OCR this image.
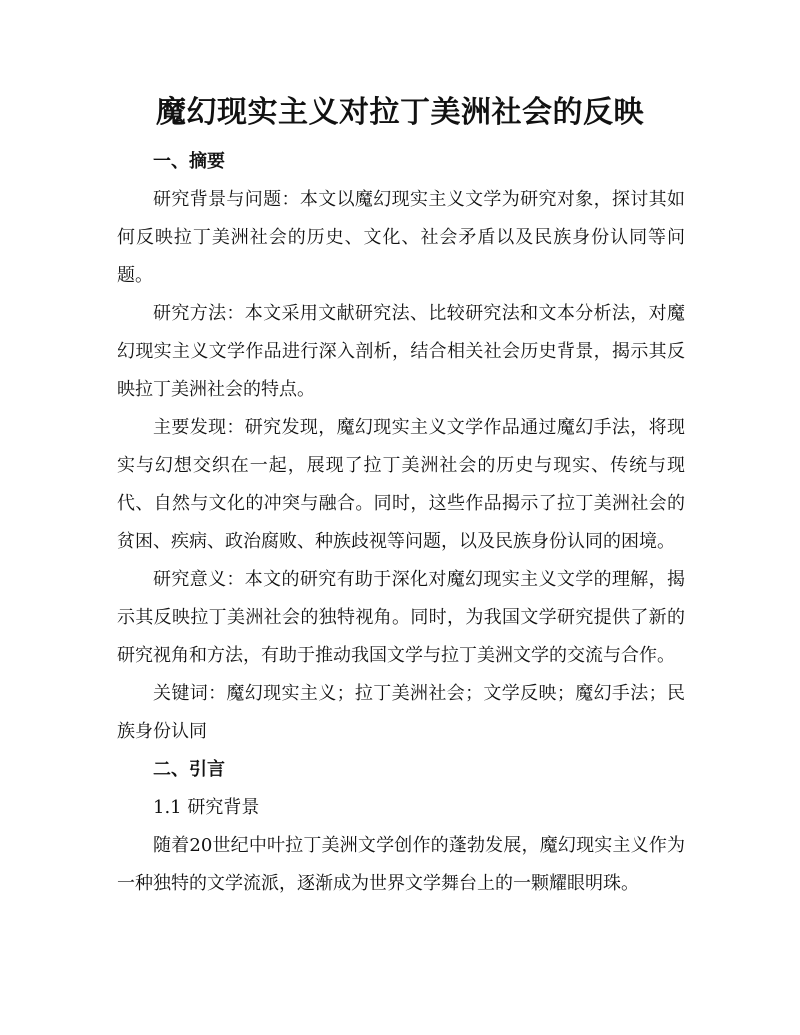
魔幻现实主义对拉丁美洲社会的反映

一、摘要

研究背景与问题：本文以魔幻现实主义文学为研究对象，探讨其如何反映拉丁美洲社会的历史、文化、社会矛盾以及民族身份认同等问题。

研究方法：本文采用文献研究法、比较研究法和文本分析法，对魔幻现实主义文学作品进行深入剖析，结合相关社会历史背景，揭示其反映拉丁美洲社会的特点。

主要发现：研究发现，魔幻现实主义文学作品通过魔幻手法，将现实与幻想交织在一起，展现了拉丁美洲社会的历史与现实、传统与现代、自然与文化的冲突与融合。同时，这些作品揭示了拉丁美洲社会的贫困、疾病、政治腐败、种族歧视等问题，以及民族身份认同的困境。

研究意义：本文的研究有助于深化对魔幻现实主义文学的理解，揭示其反映拉丁美洲社会的独特视角。同时，为我国文学研究提供了新的研究视角和方法，有助于推动我国文学与拉丁美洲文学的交流与合作。

关键词：魔幻现实主义；拉丁美洲社会；文学反映；魔幻手法；民族身份认同

二、引言

1.1 研究背景

随着20世纪中叶拉丁美洲文学创作的蓬勃发展，魔幻现实主义作为一种独特的文学流派，逐渐成为世界文学舞台上的一颗耀眼明珠。
